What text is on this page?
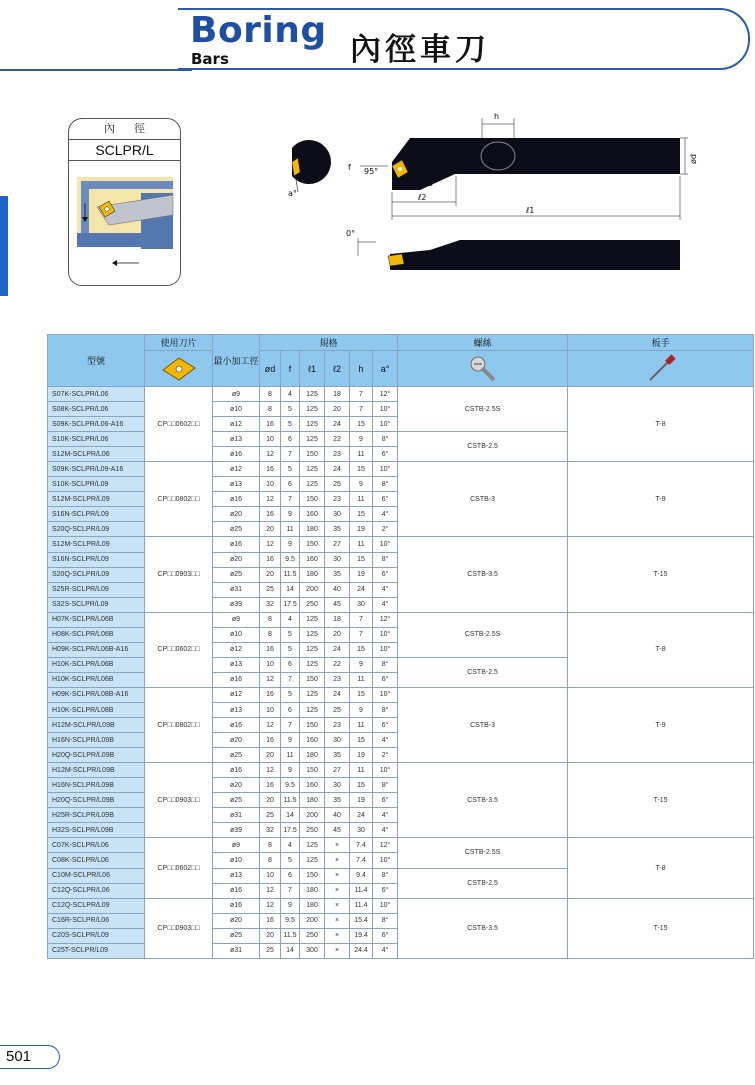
Boring
Bars	內徑車刀
內 徑
SCLPR/L
a°
h
ød
95°
f
5°
ℓ2
ℓ1
0°
型號	使用刀片	最小加工徑	規格						螺絲	板手

	ød	f	ℓ1	ℓ2	h	a°	

S07K-SCLPR/L06	CP□□0602□□	ø9	8	4	125	18	7	12°	CSTB-2.5S	T-8
S08K-SCLPR/L06		ø10	8	5	125	20	7	10°		
S09K-SCLPR/L06-A16		ø12	16	5	125	24	15	10°		
S10K-SCLPR/L06		ø13	10	6	125	22	9	8°	CSTB-2.5	
S12M-SCLPR/L06		ø16	12	7	150	23	11	6°		
S09K-SCLPR/L09-A16	CP□□0802□□	ø12	16	5	125	24	15	10°	CSTB-3	T-9
S10K-SCLPR/L09		ø13	10	6	125	25	9	8°		
S12M-SCLPR/L09		ø16	12	7	150	23	11	6°		
S16N-SCLPR/L09		ø20	16	9	160	30	15	4°		
S20Q-SCLPR/L09		ø25	20	11	180	35	19	2°		
S12M-SCLPR/L09	CP□□0903□□	ø16	12	9	150	27	11	10°	CSTB-3.5	T-15
S16N-SCLPR/L09		ø20	16	9.5	160	30	15	8°		
S20Q-SCLPR/L09		ø25	20	11.5	180	35	19	6°		
S25R-SCLPR/L09		ø31	25	14	200	40	24	4°		
S32S-SCLPR/L09		ø39	32	17.5	250	45	30	4°		
H07K-SCLPR/L06B	CP□□0602□□	ø9	8	4	125	18	7	12°	CSTB-2.5S	T-8
H08K-SCLPR/L06B		ø10	8	5	125	20	7	10°		
H09K-SCLPR/L06B-A16		ø12	16	5	125	24	15	10°		
H10K-SCLPR/L06B		ø13	10	6	125	22	9	8°	CSTB-2.5	
H10K-SCLPR/L06B		ø16	12	7	150	23	11	6°		
H09K-SCLPR/L08B-A16	CP□□0802□□	ø12	16	5	125	24	15	10°	CSTB-3	T-9
H10K-SCLPR/L08B		ø13	10	6	125	25	9	8°		
H12M-SCLPR/L09B		ø16	12	7	150	23	11	6°		
H16N-SCLPR/L09B		ø20	16	9	160	30	15	4°		
H20Q-SCLPR/L09B		ø25	20	11	180	35	19	2°		
H12M-SCLPR/L09B	CP□□0903□□	ø16	12	9	150	27	11	10°	CSTB-3.5	T-15
H16N-SCLPR/L09B		ø20	16	9.5	160	30	15	8°		
H20Q-SCLPR/L09B		ø25	20	11.5	180	35	19	6°		
H25R-SCLPR/L09B		ø31	25	14	200	40	24	4°		
H32S-SCLPR/L09B		ø39	32	17.5	250	45	30	4°		
C07K-SCLPR/L06	CP□□0602□□	ø9	8	4	125	×	7.4	12°	CSTB-2.5S	T-8
C08K-SCLPR/L06		ø10	8	5	125	×	7.4	10°		
C10M-SCLPR/L06		ø13	10	6	150	×	9.4	8°	CSTB-2.5	
C12Q-SCLPR/L06		ø16	12	7	180	×	11.4	6°		
C12Q-SCLPR/L09	CP□□0903□□	ø16	12	9	180	×	11.4	10°	CSTB-3.5	T-15
C16R-SCLPR/L06		ø20	16	9.5	200	×	15.4	8°		
C20S-SCLPR/L09		ø25	20	11.5	250	×	19.4	6°		
C25T-SCLPR/L09		ø31	25	14	300	×	24.4	4°		
501
